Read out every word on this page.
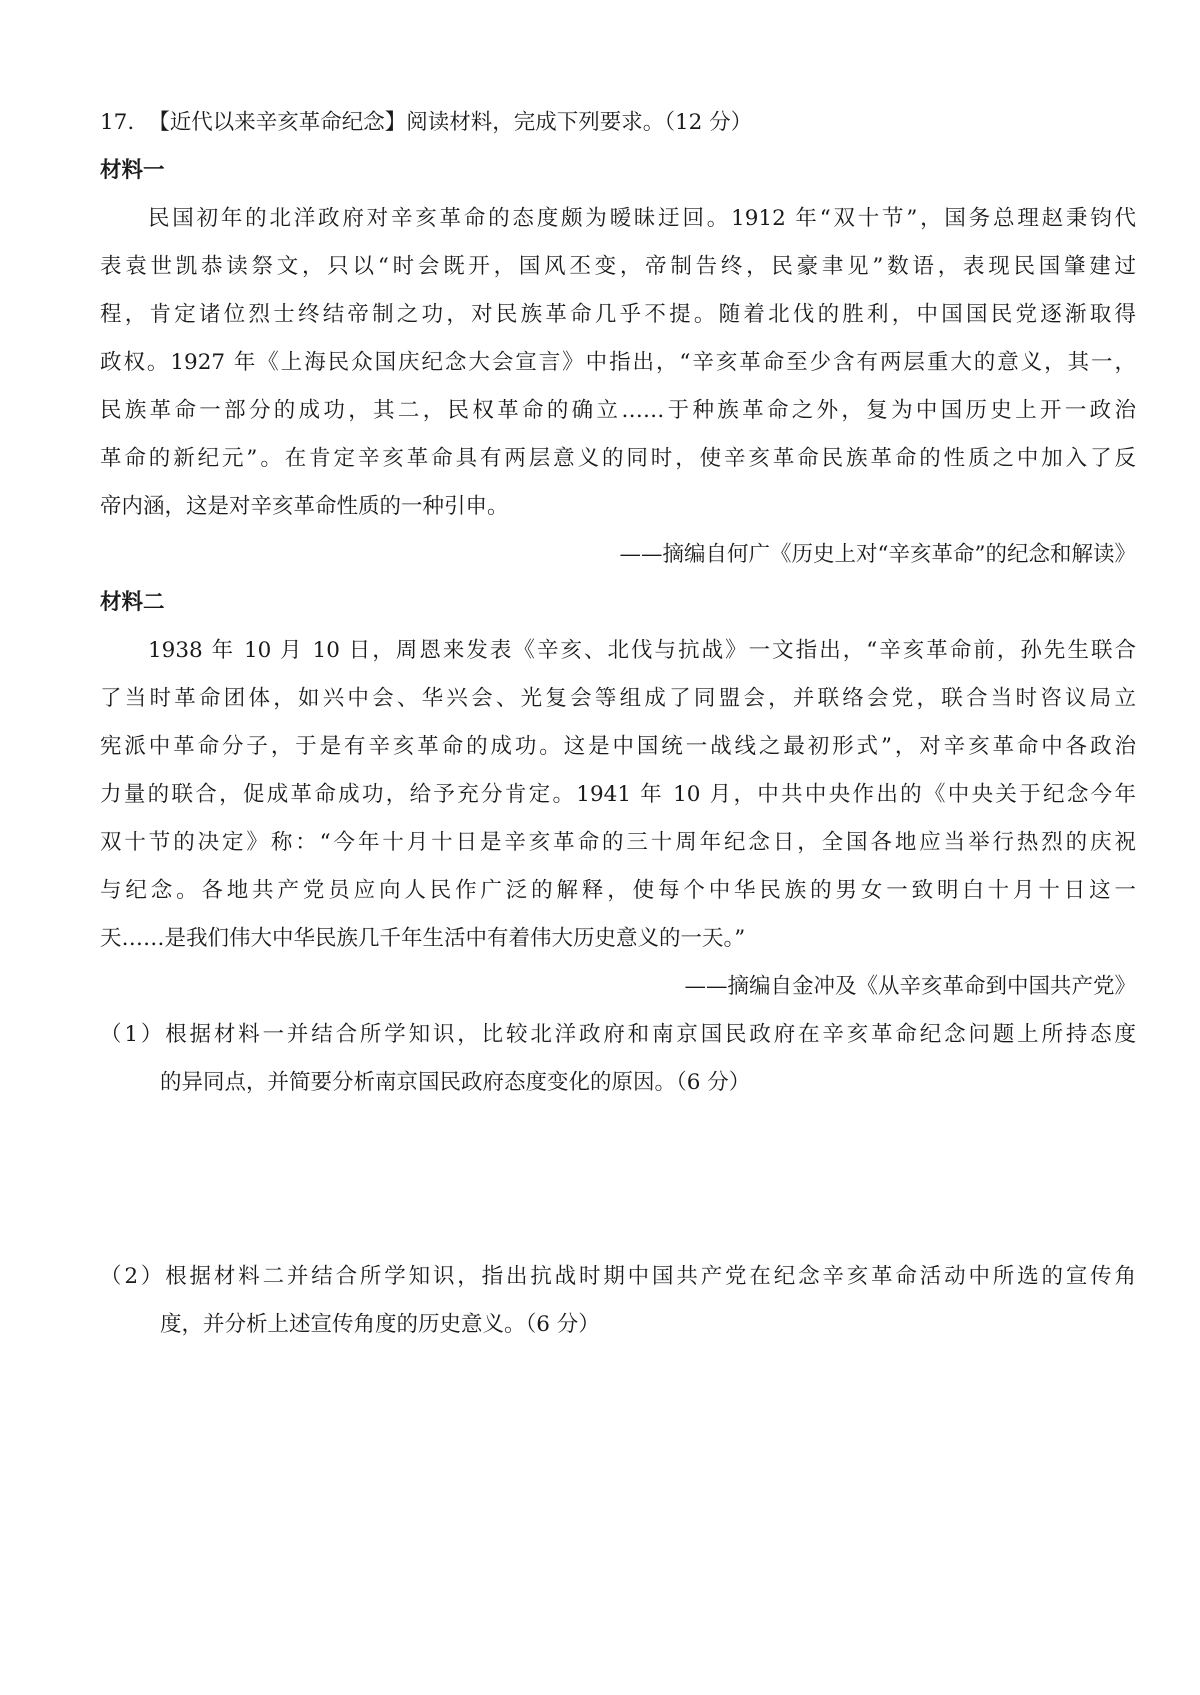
17. 【近代以来辛亥革命纪念】阅读材料，完成下列要求。（12 分）
材料一
民国初年的北洋政府对辛亥革命的态度颇为暧昧迂回。1912 年“双十节”，国务总理赵秉钧代
表袁世凯恭读祭文，只以“时会既开，国风丕变，帝制告终，民豪聿见”数语，表现民国肇建过
程，肯定诸位烈士终结帝制之功，对民族革命几乎不提。随着北伐的胜利，中国国民党逐渐取得
政权。1927 年《上海民众国庆纪念大会宣言》中指出，“辛亥革命至少含有两层重大的意义，其一，
民族革命一部分的成功，其二，民权革命的确立……于种族革命之外，复为中国历史上开一政治
革命的新纪元”。在肯定辛亥革命具有两层意义的同时，使辛亥革命民族革命的性质之中加入了反
帝内涵，这是对辛亥革命性质的一种引申。
——摘编自何广《历史上对“辛亥革命”的纪念和解读》
材料二
1938 年 10 月 10 日，周恩来发表《辛亥、北伐与抗战》一文指出，“辛亥革命前，孙先生联合
了当时革命团体，如兴中会、华兴会、光复会等组成了同盟会，并联络会党，联合当时咨议局立
宪派中革命分子，于是有辛亥革命的成功。这是中国统一战线之最初形式”，对辛亥革命中各政治
力量的联合，促成革命成功，给予充分肯定。1941 年 10 月，中共中央作出的《中央关于纪念今年
双十节的决定》称：“今年十月十日是辛亥革命的三十周年纪念日，全国各地应当举行热烈的庆祝
与纪念。各地共产党员应向人民作广泛的解释，使每个中华民族的男女一致明白十月十日这一
天……是我们伟大中华民族几千年生活中有着伟大历史意义的一天。”
——摘编自金冲及《从辛亥革命到中国共产党》
（1）根据材料一并结合所学知识，比较北洋政府和南京国民政府在辛亥革命纪念问题上所持态度
的异同点，并简要分析南京国民政府态度变化的原因。（6 分）
（2）根据材料二并结合所学知识，指出抗战时期中国共产党在纪念辛亥革命活动中所选的宣传角
度，并分析上述宣传角度的历史意义。（6 分）
